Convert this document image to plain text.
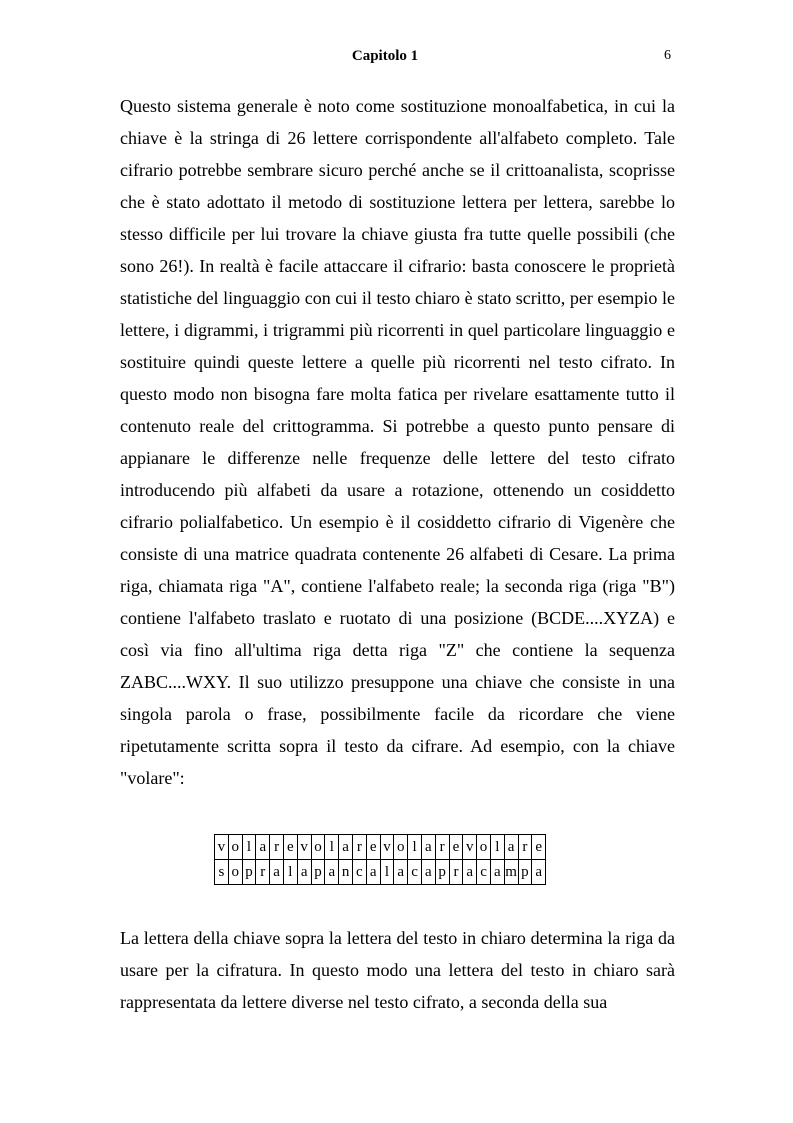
Capitolo 1	6

Questo sistema generale è noto come sostituzione monoalfabetica, in cui la chiave è la stringa di 26 lettere corrispondente all'alfabeto completo. Tale cifrario potrebbe sembrare sicuro perché anche se il crittoanalista, scoprisse che è stato adottato il metodo di sostituzione lettera per lettera, sarebbe lo stesso difficile per lui trovare la chiave giusta fra tutte quelle possibili (che sono 26!). In realtà è facile attaccare il cifrario: basta conoscere le proprietà statistiche del linguaggio con cui il testo chiaro è stato scritto, per esempio le lettere, i digrammi, i trigrammi più ricorrenti in quel particolare linguaggio e sostituire quindi queste lettere a quelle più ricorrenti nel testo cifrato. In questo modo non bisogna fare molta fatica per rivelare esattamente tutto il contenuto reale del crittogramma. Si potrebbe a questo punto pensare di appianare le differenze nelle frequenze delle lettere del testo cifrato introducendo più alfabeti da usare a rotazione, ottenendo un cosiddetto cifrario polialfabetico. Un esempio è il cosiddetto cifrario di Vigenère che consiste di una matrice quadrata contenente 26 alfabeti di Cesare. La prima riga, chiamata riga "A", contiene l'alfabeto reale; la seconda riga (riga "B") contiene l'alfabeto traslato e ruotato di una posizione (BCDE....XYZA) e così via fino all'ultima riga detta riga "Z" che contiene la sequenza ZABC....WXY. Il suo utilizzo presuppone una chiave che consiste in una singola parola o frase, possibilmente facile da ricordare che viene ripetutamente scritta sopra il testo da cifrare. Ad esempio, con la chiave "volare":

v	o	l	a	r	e	v	o	l	a	r	e	v	o	l	a	r	e	v	o	l	a	r	e
s	o	p	r	a	l	a	p	a	n	c	a	l	a	c	a	p	r	a	c	a	m	p	a

La lettera della chiave sopra la lettera del testo in chiaro determina la riga da usare per la cifratura. In questo modo una lettera del testo in chiaro sarà rappresentata da lettere diverse nel testo cifrato, a seconda della sua
